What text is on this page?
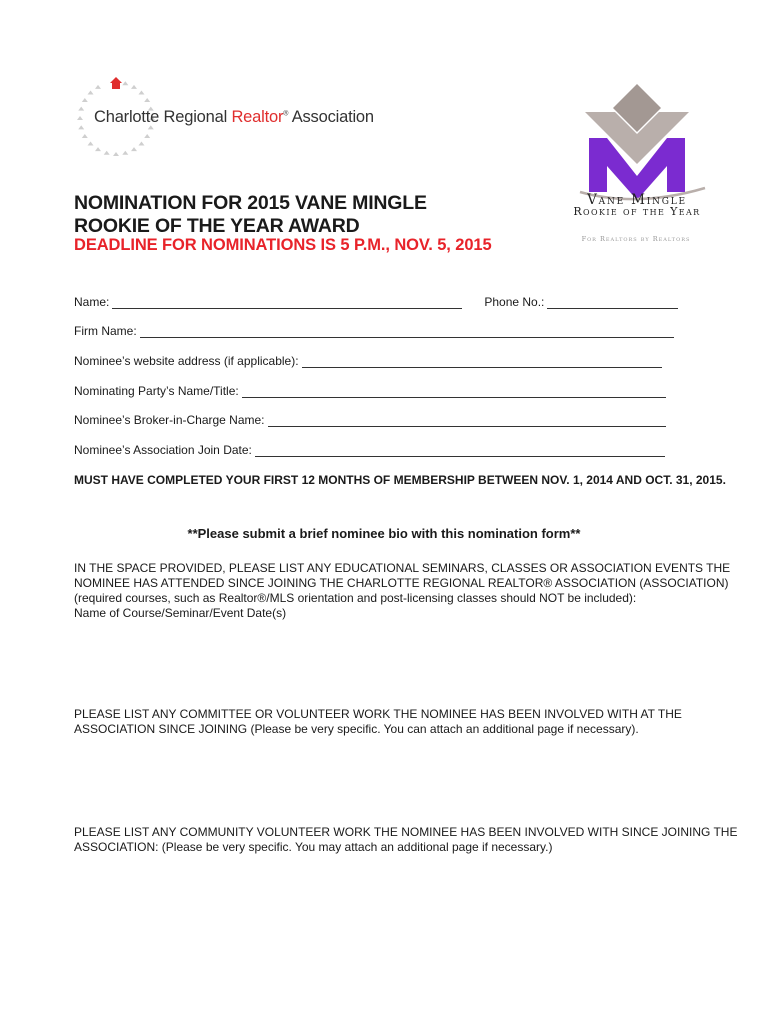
Charlotte Regional Realtor® Association
Vane Mingle
Rookie of the Year
For Realtors by Realtors
NOMINATION FOR 2015 VANE MINGLE
ROOKIE OF THE YEAR AWARD
DEADLINE FOR NOMINATIONS IS 5 P.M., NOV. 5, 2015
Name:	Phone No.:
Firm Name:
Nominee’s website address (if applicable):
Nominating Party’s Name/Title:
Nominee’s Broker-in-Charge Name:
Nominee’s Association Join Date:
MUST HAVE COMPLETED YOUR FIRST 12 MONTHS OF MEMBERSHIP BETWEEN NOV. 1, 2014 AND OCT. 31, 2015.
**Please submit a brief nominee bio with this nomination form**
IN THE SPACE PROVIDED, PLEASE LIST ANY EDUCATIONAL SEMINARS, CLASSES OR ASSOCIATION EVENTS THE NOMINEE HAS ATTENDED SINCE JOINING THE CHARLOTTE REGIONAL REALTOR® ASSOCIATION (ASSOCIATION) (required courses, such as Realtor®/MLS orientation and post-licensing classes should NOT be included):
Name of Course/Seminar/Event Date(s)
PLEASE LIST ANY COMMITTEE OR VOLUNTEER WORK THE NOMINEE HAS BEEN INVOLVED WITH AT THE ASSOCIATION SINCE JOINING (Please be very specific. You can attach an additional page if necessary).
PLEASE LIST ANY COMMUNITY VOLUNTEER WORK THE NOMINEE HAS BEEN INVOLVED WITH SINCE JOINING THE ASSOCIATION: (Please be very specific. You may attach an additional page if necessary.)
